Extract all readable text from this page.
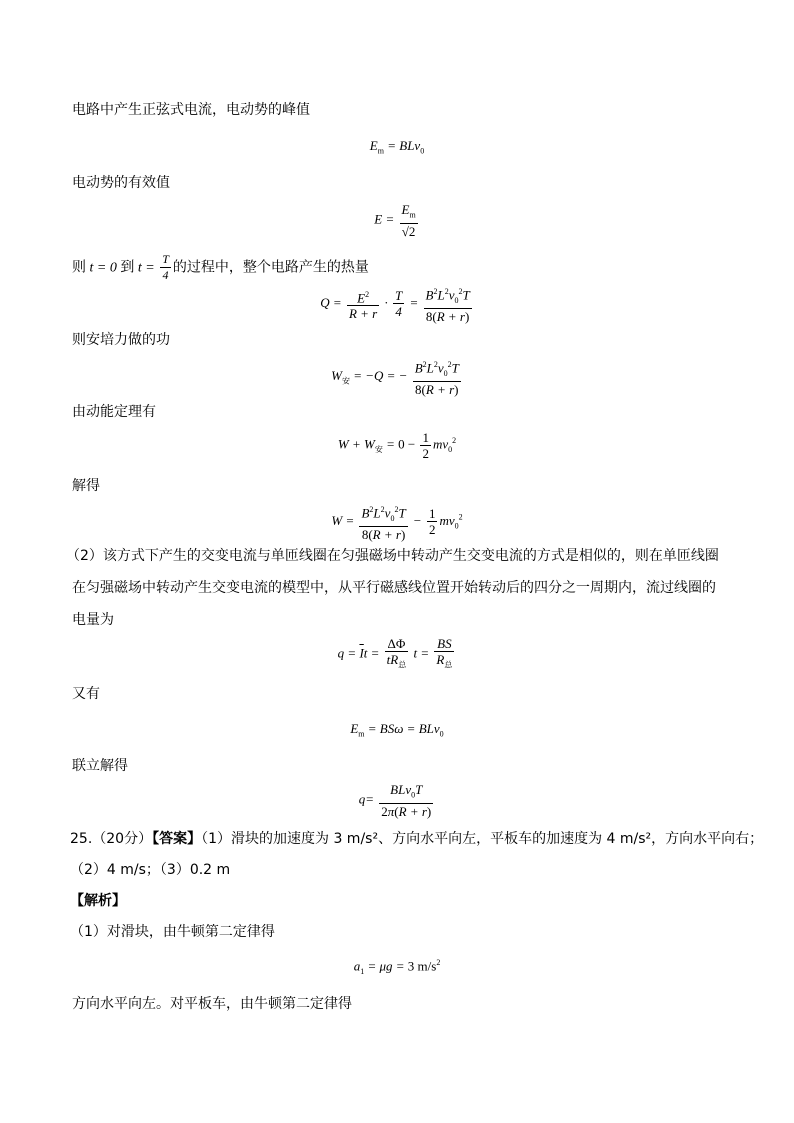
电路中产生正弦式电流，电动势的峰值
$E_m = BLv_0$
电动势的有效值
$E = \frac{E_m}{√2}$
则 t = 0 到 $t = \frac{T}{4}$ 的过程中，整个电路产生的热量
$Q = \frac{E^2}{R + r} \cdot \frac{T}{4} = \frac{B^2L^2v_0^2T}{8(R + r)}$
则安培力做的功
$W_安 = -Q$ = − $\frac{B^2L^2v_0^2T}{8(R + r)}$
由动能定理有
$W + W_安 = 0 - \frac{1}{2} mv_0^2$
解得
$W = \frac{B^2L^2v_0^2T}{8(R + r)} - \frac{1}{2} mv_0^2$
（2）该方式下产生的交变电流与单匝线圈在匀强磁场中转动产生交变电流的方式是相似的，则在单匝线圈
在匀强磁场中转动产生交变电流的模型中，从平行磁感线位置开始转动后的四分之一周期内，流过线圈的
电量为
$q = \overline{I}t = \frac{\Delta\Phi}{tR_总}$ $t = \frac{BS}{R_总}$
又有
$E_m = BS\omega = BLv_0$
联立解得
$q= \frac{BLv_0T}{2\pi(R + r)}$
25.（20分）【答案】（1）滑块的加速度为 3 m/s²、方向水平向左，平板车的加速度为 4 m/s²，方向水平向右；
（2）4 m/s；（3）0.2 m
【解析】
（1）对滑块，由牛顿第二定律得
$a_1 = \mu g = 3$ $m/s^2$
方向水平向左。对平板车，由牛顿第二定律得
